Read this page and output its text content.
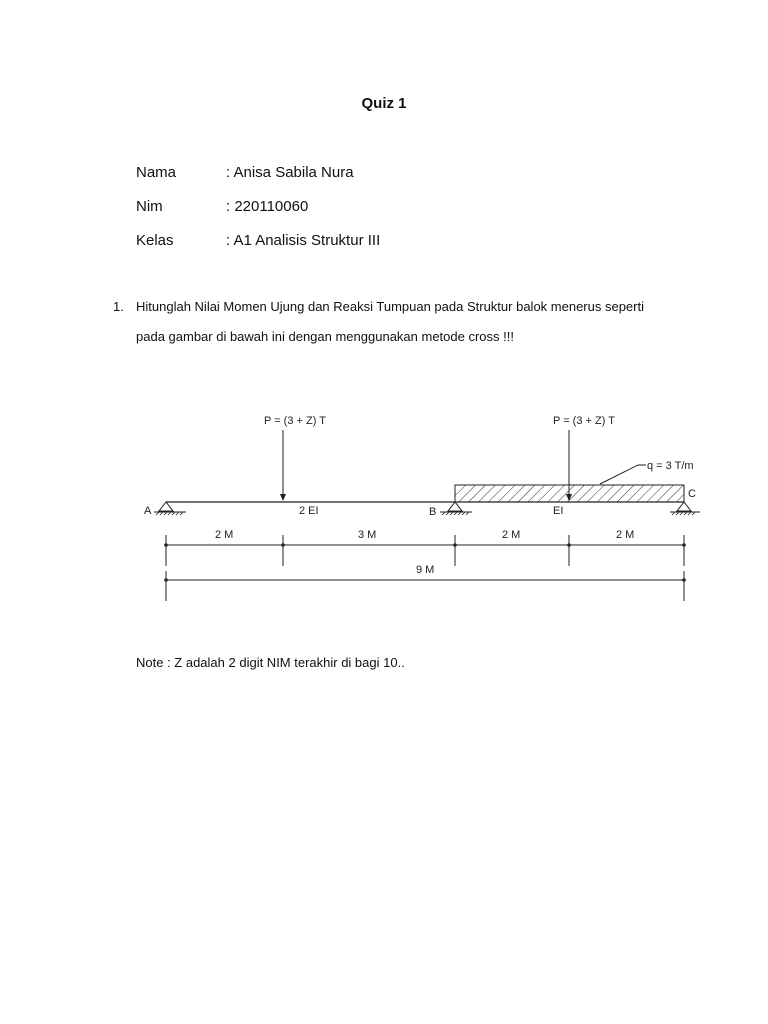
Quiz 1
Nama	: Anisa Sabila Nura
Nim	: 220110060
Kelas	: A1 Analisis Struktur III
1. Hitunglah Nilai Momen Ujung dan Reaksi Tumpuan pada Struktur balok menerus seperti
pada gambar di bawah ini dengan menggunakan metode cross !!!
q = 3 T/m
P = (3 + Z) T	P = (3 + Z) T
A	B
C
2 EI	EI
2 M	3 M	2 M	2 M
9 M
Note : Z adalah 2 digit NIM terakhir di bagi 10..
